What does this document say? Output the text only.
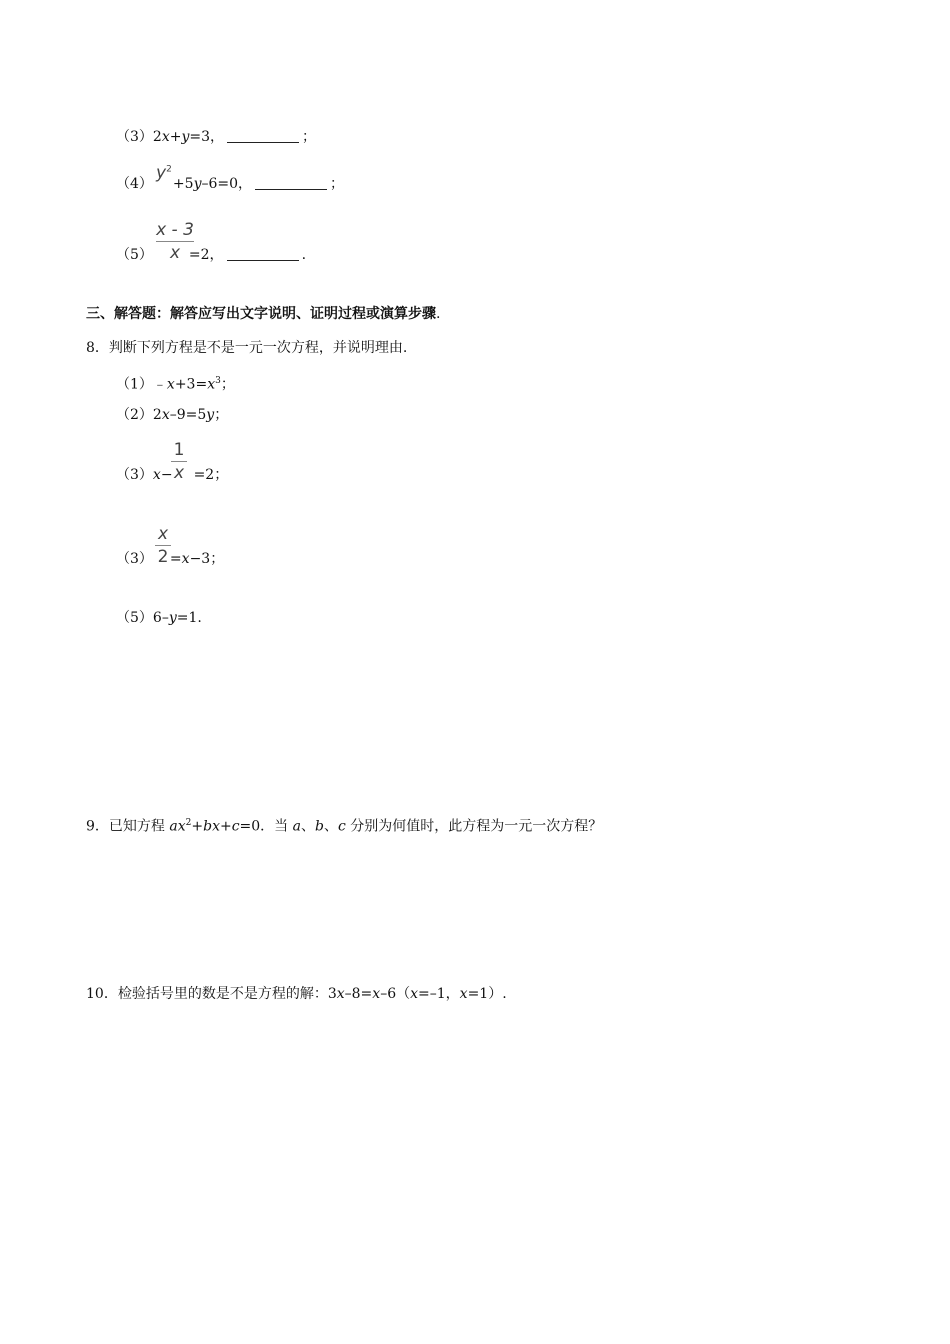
（3）2x+y=3，	；
$y^2$
（4） +5y–6=0，	；
x - 3
x
（5）	=2，	.
三、解答题：解答应写出文字说明、证明过程或演算步骤.
8．判断下列方程是不是一元一次方程，并说明理由.
$(1)﹣x+3=x^3$；
（2）2x–9=5y；
1
x
（3）x− =2；
x
2
（3） =x−3；
（5）6–y=1.
9．已知方程 $ax^2+bx+c=0$．当 a、b、c 分别为何值时，此方程为一元一次方程？
10．检验括号里的数是不是方程的解：3x–8=x–6（x=–1，x=1）.
